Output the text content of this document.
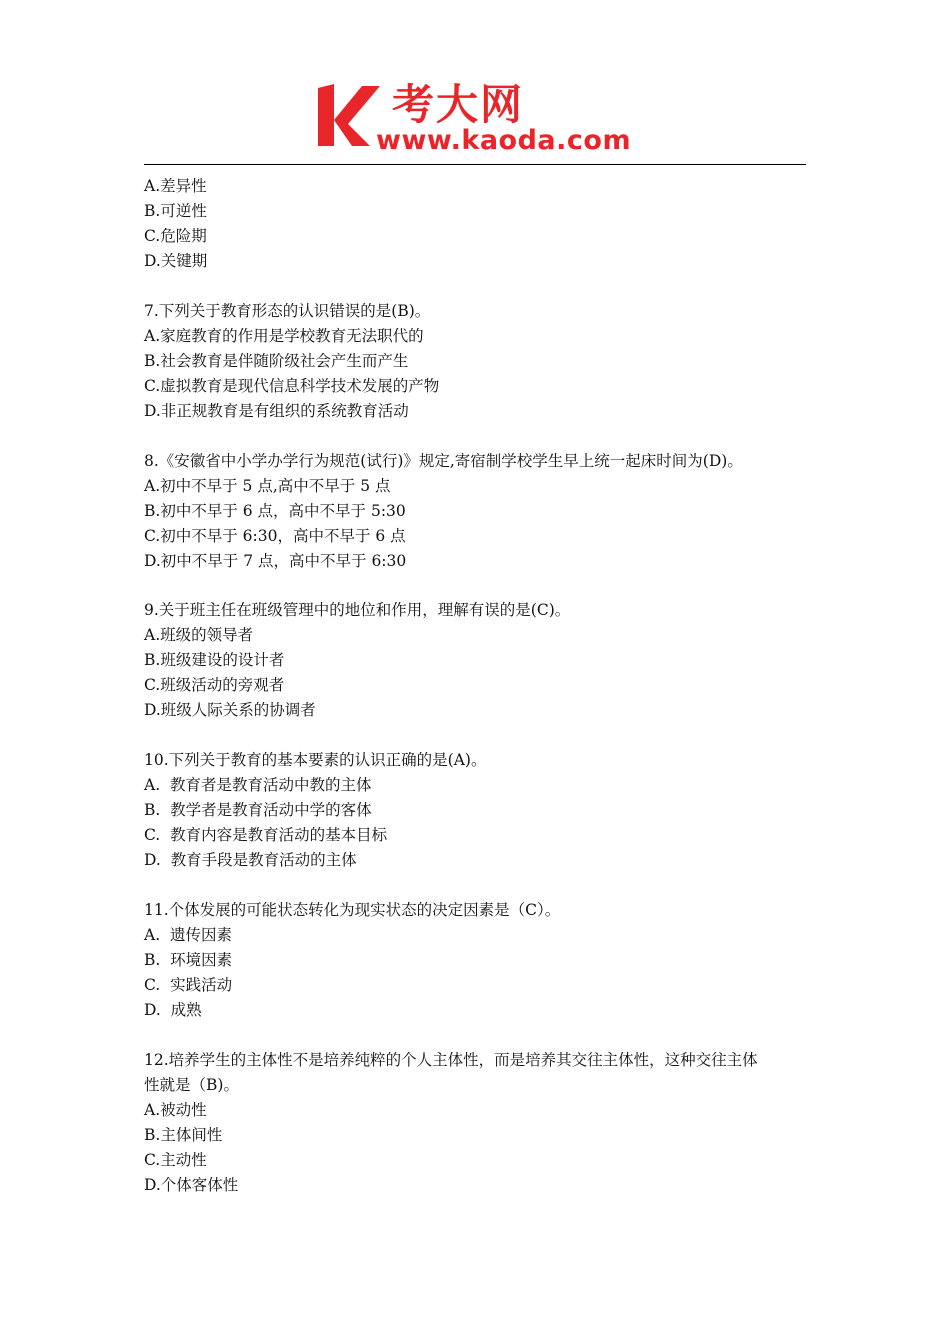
考大网
www.kaoda.com
A.差异性
B.可逆性
C.危险期
D.关键期
7.下列关于教育形态的认识错误的是(B)。
A.家庭教育的作用是学校教育无法职代的
B.社会教育是伴随阶级社会产生而产生
C.虚拟教育是现代信息科学技术发展的产物
D.非正规教育是有组织的系统教育活动
8.《安徽省中小学办学行为规范(试行)》规定,寄宿制学校学生早上统一起床时间为(D)。
A.初中不早于 5 点,高中不早于 5 点
B.初中不早于 6 点，高中不早于 5:30
C.初中不早于 6:30，高中不早于 6 点
D.初中不早于 7 点，高中不早于 6:30
9.关于班主任在班级管理中的地位和作用，理解有误的是(C)。
A.班级的领导者
B.班级建设的设计者
C.班级活动的旁观者
D.班级人际关系的协调者
10.下列关于教育的基本要素的认识正确的是(A)。
A.  教育者是教育活动中教的主体
B.  教学者是教育活动中学的客体
C.  教育内容是教育活动的基本目标
D.  教育手段是教育活动的主体
11.个体发展的可能状态转化为现实状态的决定因素是（C）。
A.  遗传因素
B.  环境因素
C.  实践活动
D.  成熟
12.培养学生的主体性不是培养纯粹的个人主体性，而是培养其交往主体性，这种交往主体
性就是（B)。
A.被动性
B.主体间性
C.主动性
D.个体客体性
